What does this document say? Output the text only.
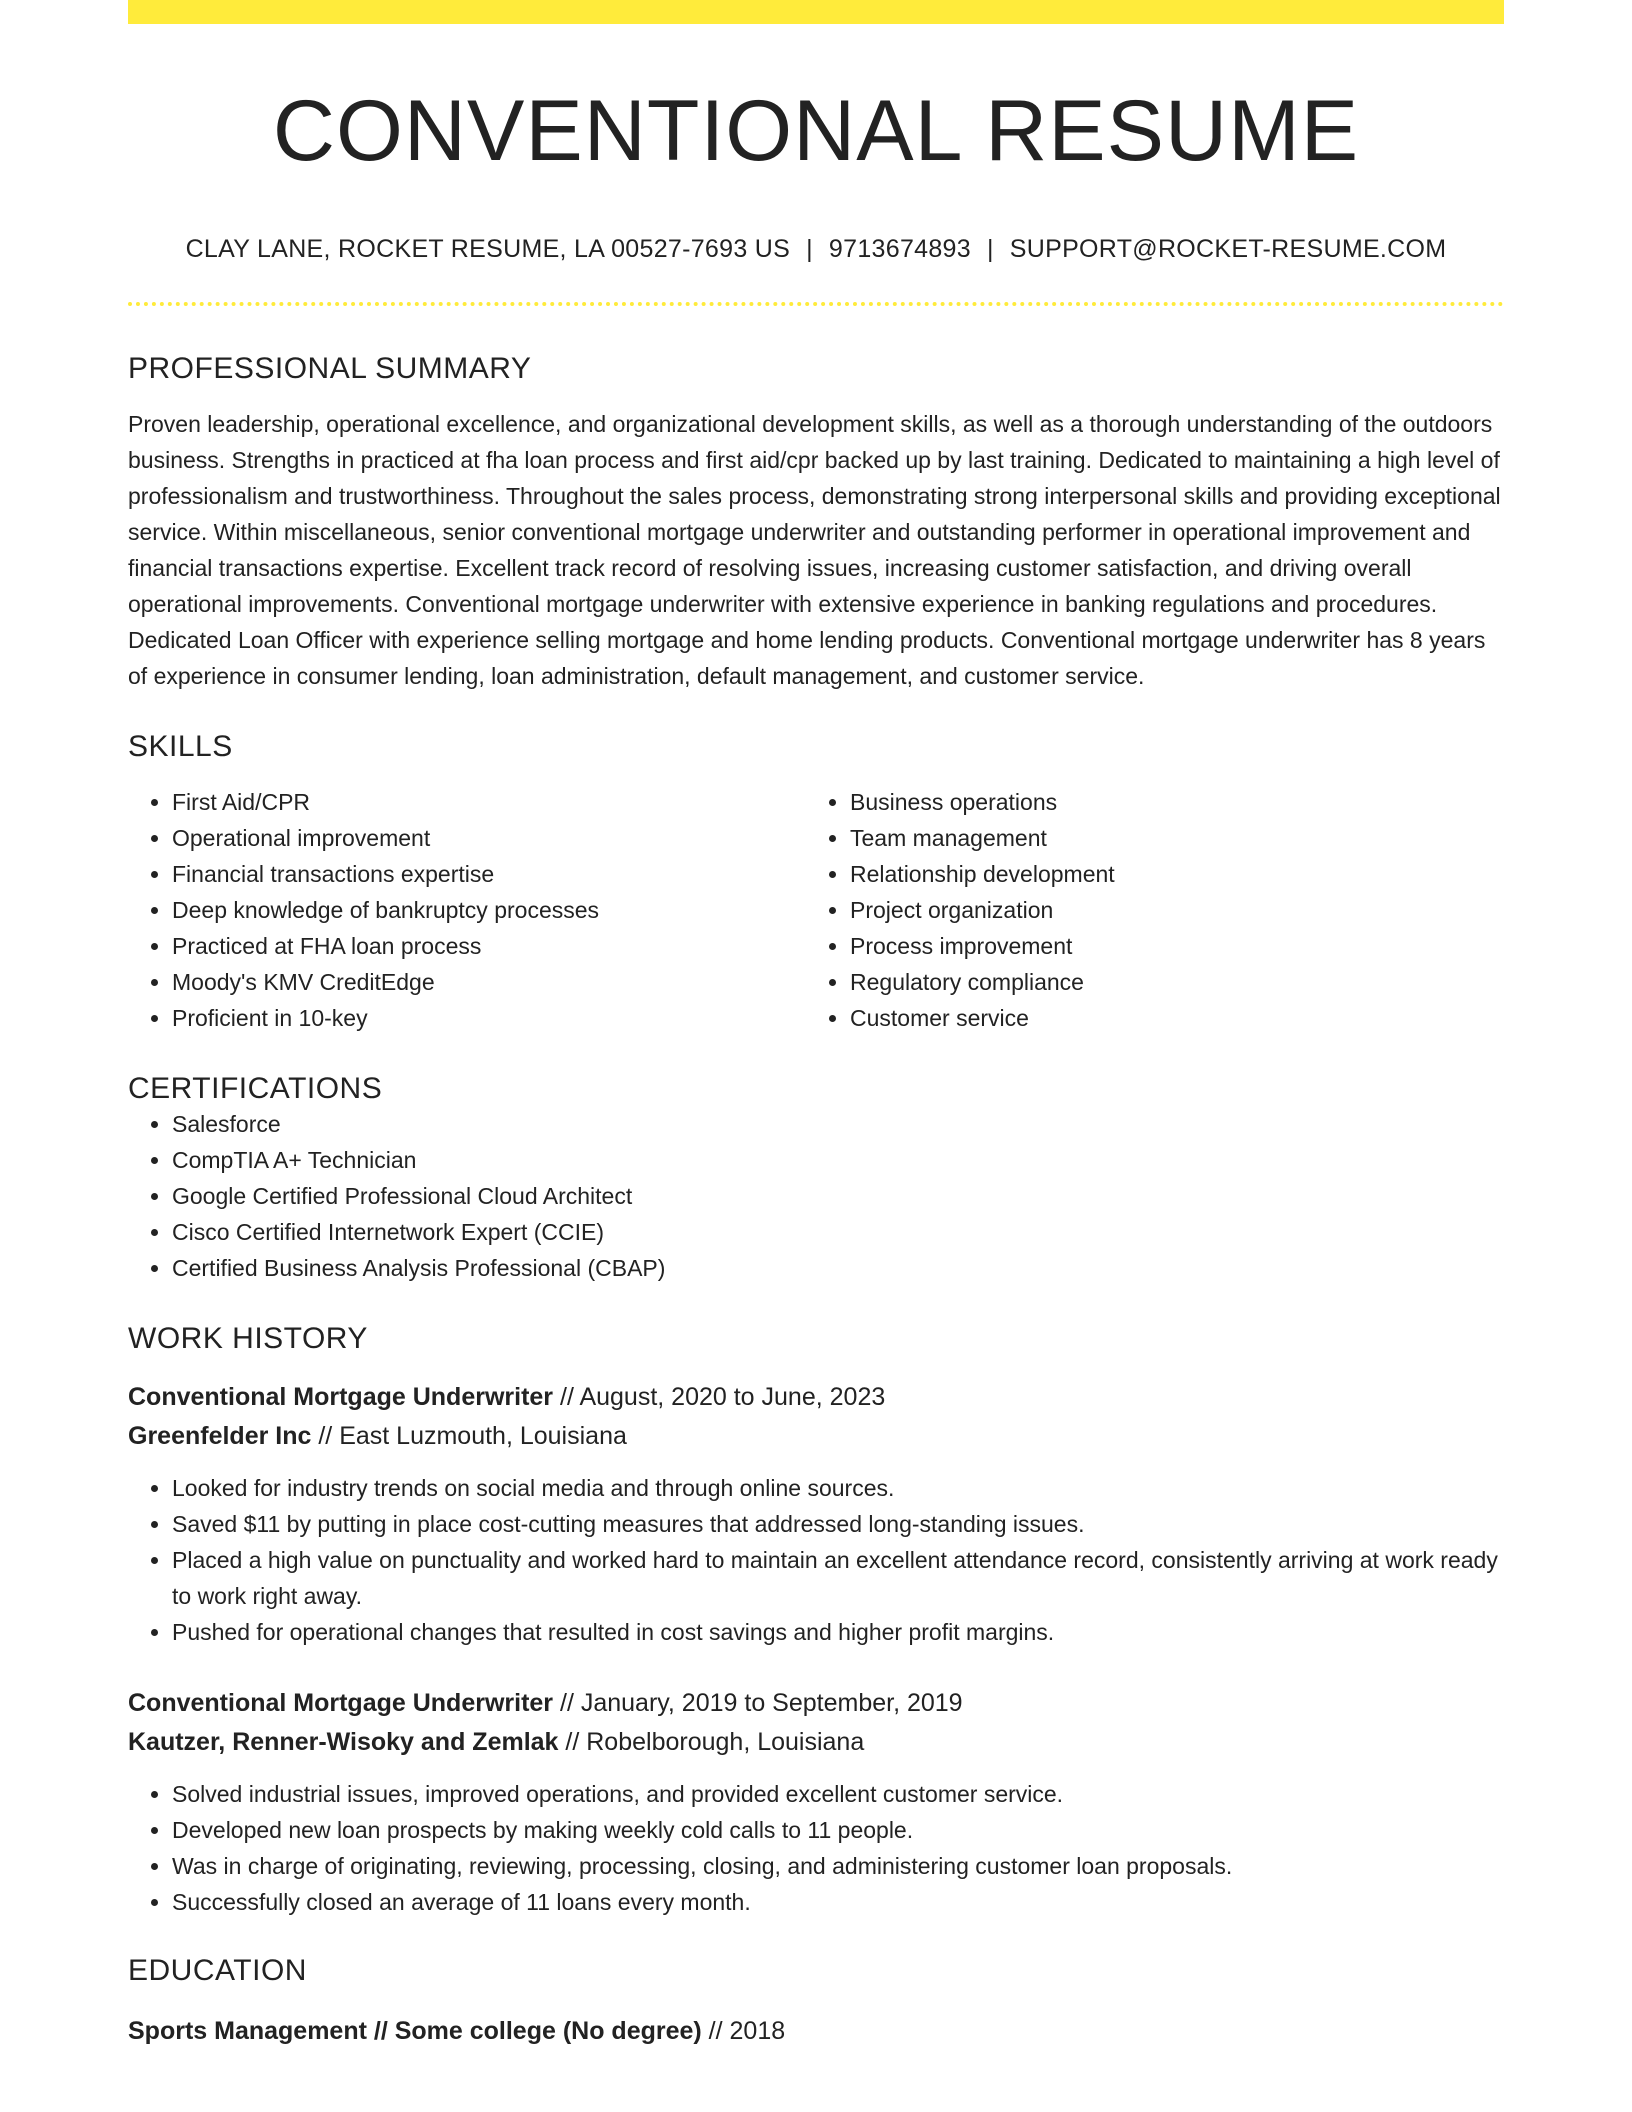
CONVENTIONAL RESUME
CLAY LANE, ROCKET RESUME, LA 00527-7693 US | 9713674893 | SUPPORT@ROCKET-RESUME.COM
PROFESSIONAL SUMMARY
Proven leadership, operational excellence, and organizational development skills, as well as a thorough understanding of the outdoors business. Strengths in practiced at fha loan process and first aid/cpr backed up by last training. Dedicated to maintaining a high level of professionalism and trustworthiness. Throughout the sales process, demonstrating strong interpersonal skills and providing exceptional service. Within miscellaneous, senior conventional mortgage underwriter and outstanding performer in operational improvement and financial transactions expertise. Excellent track record of resolving issues, increasing customer satisfaction, and driving overall operational improvements. Conventional mortgage underwriter with extensive experience in banking regulations and procedures. Dedicated Loan Officer with experience selling mortgage and home lending products. Conventional mortgage underwriter has 8 years of experience in consumer lending, loan administration, default management, and customer service.
SKILLS
• First Aid/CPR
• Operational improvement
• Financial transactions expertise
• Deep knowledge of bankruptcy processes
• Practiced at FHA loan process
• Moody's KMV CreditEdge
• Proficient in 10-key
• Business operations
• Team management
• Relationship development
• Project organization
• Process improvement
• Regulatory compliance
• Customer service
CERTIFICATIONS
• Salesforce
• CompTIA A+ Technician
• Google Certified Professional Cloud Architect
• Cisco Certified Internetwork Expert (CCIE)
• Certified Business Analysis Professional (CBAP)
WORK HISTORY
Conventional Mortgage Underwriter // August, 2020 to June, 2023
Greenfelder Inc // East Luzmouth, Louisiana
• Looked for industry trends on social media and through online sources.
• Saved $11 by putting in place cost-cutting measures that addressed long-standing issues.
• Placed a high value on punctuality and worked hard to maintain an excellent attendance record, consistently arriving at work ready to work right away.
• Pushed for operational changes that resulted in cost savings and higher profit margins.
Conventional Mortgage Underwriter // January, 2019 to September, 2019
Kautzer, Renner-Wisoky and Zemlak // Robelborough, Louisiana
• Solved industrial issues, improved operations, and provided excellent customer service.
• Developed new loan prospects by making weekly cold calls to 11 people.
• Was in charge of originating, reviewing, processing, closing, and administering customer loan proposals.
• Successfully closed an average of 11 loans every month.
EDUCATION
Sports Management // Some college (No degree) // 2018
